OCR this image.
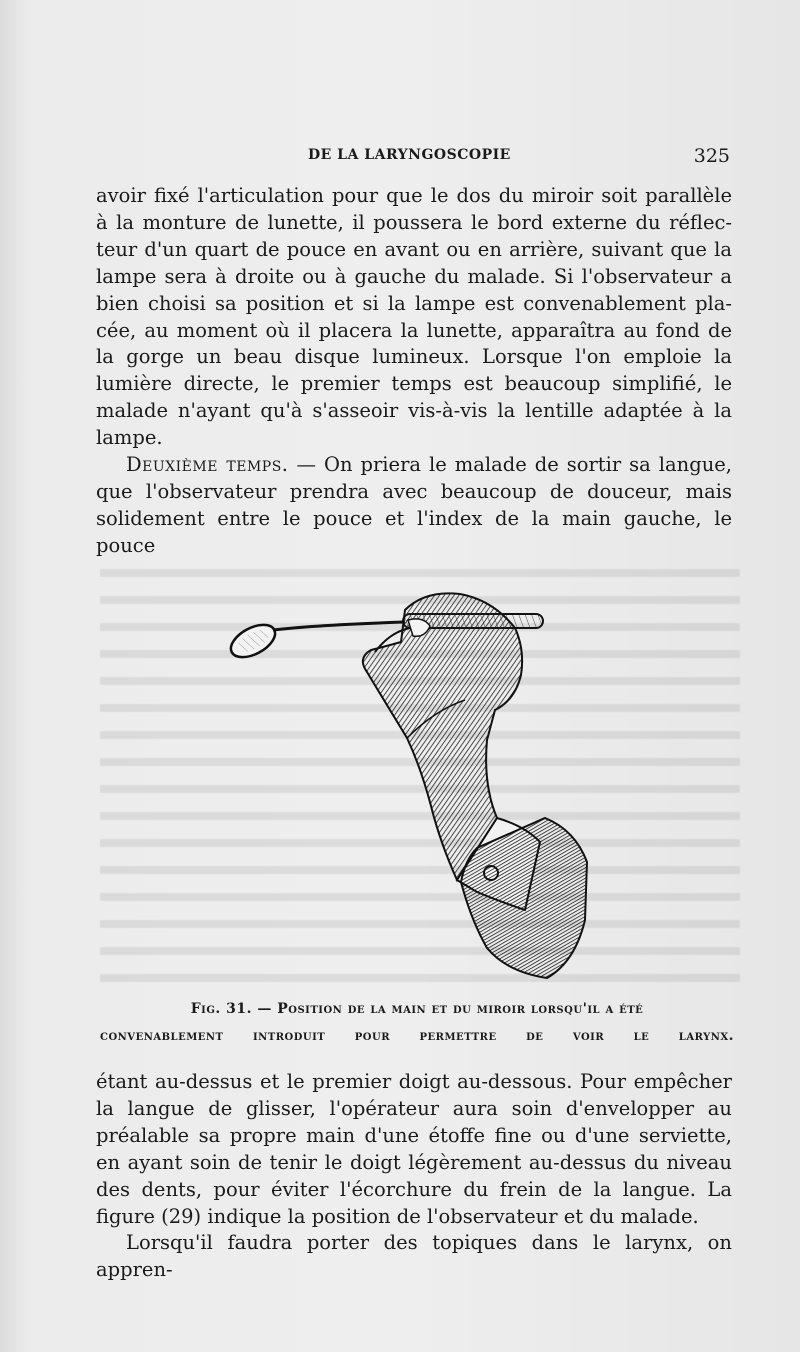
DE LA LARYNGOSCOPIE	325

avoir fixé l'articulation pour que le dos du miroir soit parallèle

à la monture de lunette, il poussera le bord externe du réflec-

teur d'un quart de pouce en avant ou en arrière, suivant que la

lampe sera à droite ou à gauche du malade. Si l'observateur a

bien choisi sa position et si la lampe est convenablement pla-

cée, au moment où il placera la lunette, apparaîtra au fond de

la gorge un beau disque lumineux. Lorsque l'on emploie la

lumière directe, le premier temps est beaucoup simplifié, le

malade n'ayant qu'à s'asseoir vis-à-vis la lentille adaptée à la

lampe.

Deuxième temps. — On priera le malade de sortir sa langue,

que l'observateur prendra avec beaucoup de douceur, mais

solidement entre le pouce et l'index de la main gauche, le pouce

Fig. 31. — Position de la main et du miroir lorsqu'il a été
convenablement introduit pour permettre de voir le larynx.

étant au-dessus et le premier doigt au-dessous. Pour empêcher

la langue de glisser, l'opérateur aura soin d'envelopper au

préalable sa propre main d'une étoffe fine ou d'une serviette,

en ayant soin de tenir le doigt légèrement au-dessus du niveau

des dents, pour éviter l'écorchure du frein de la langue. La

figure (29) indique la position de l'observateur et du malade.

Lorsqu'il faudra porter des topiques dans le larynx, on appren-
